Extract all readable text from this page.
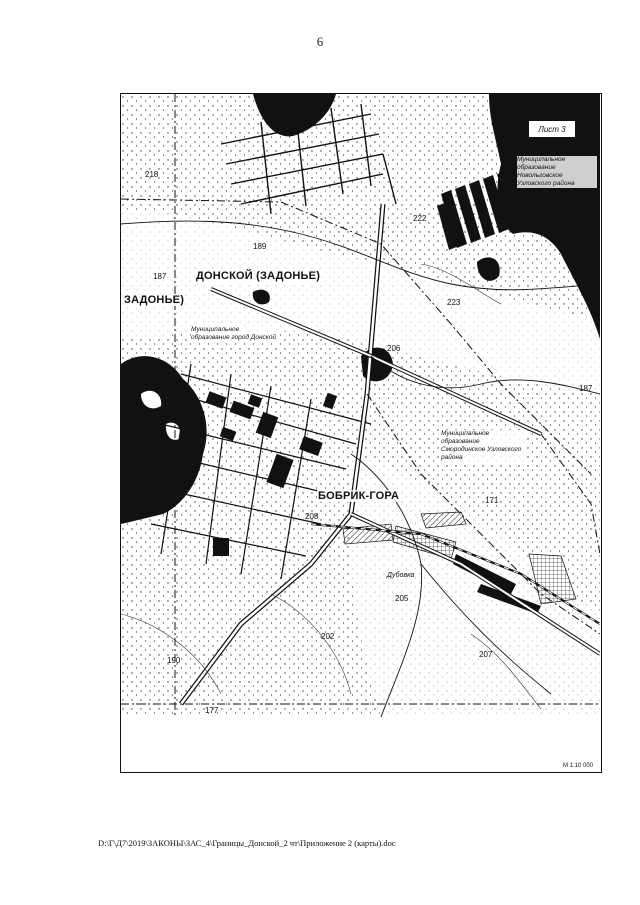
6
Лист 3
Муниципальное образование Новольговское Узловского района
Муниципальное образование город Донской
Муниципальное образование Смородинское Узловского района
ДОНСКОЙ (ЗАДОНЬЕ)
ЗАДОНЬЕ)
БОБРИК-ГОРА
218
222
189
187
223
206
187
171
208
205
202
207
190
177
Дубовка
М 1:10 000
D:\Г\Д7\2019\ЗАКОНЫ\ЗАС_4\Границы_Донской_2 чт\Приложение 2 (карты).doc
